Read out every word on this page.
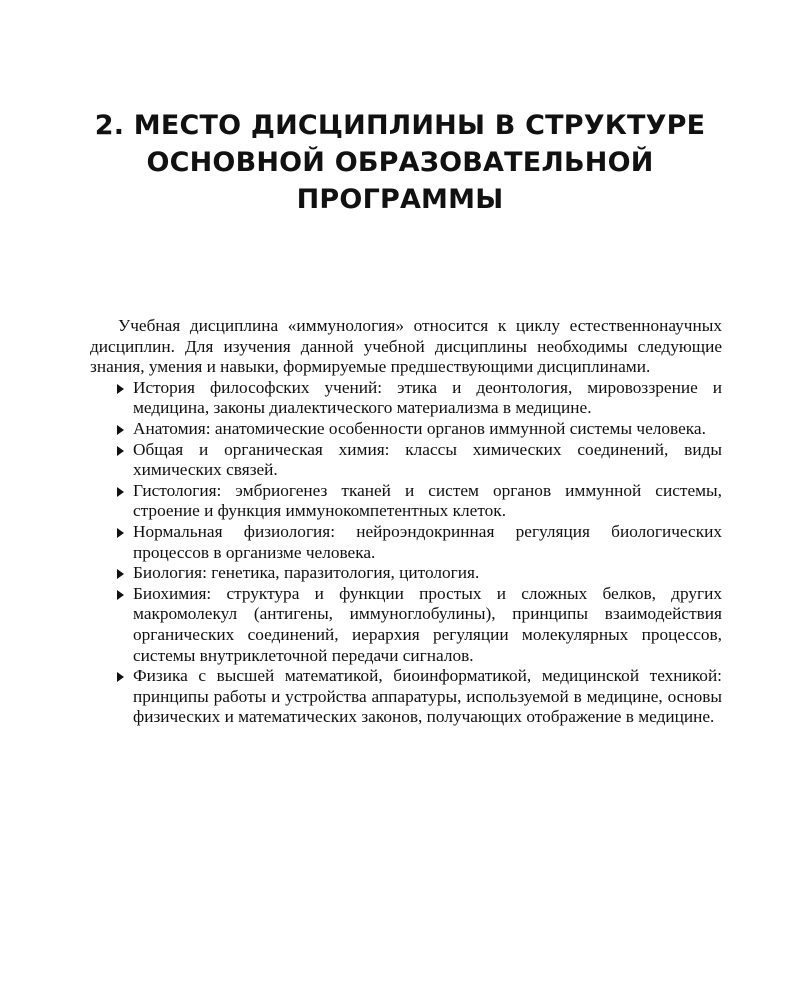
2. МЕСТО ДИСЦИПЛИНЫ В СТРУКТУРЕ
ОСНОВНОЙ ОБРАЗОВАТЕЛЬНОЙ
ПРОГРАММЫ

Учебная дисциплина «иммунология» относится к циклу естественнонаучных дисциплин. Для изучения данной учебной дисциплины необходимы следующие знания, умения и навыки, формируемые предшествующими дисциплинами.

История философских учений: этика и деонтология, мировоззрение и медицина, законы диалектического материализма в медицине.
Анатомия: анатомические особенности органов иммунной системы человека.
Общая и органическая химия: классы химических соединений, виды химических связей.
Гистология: эмбриогенез тканей и систем органов иммунной системы, строение и функция иммунокомпетентных клеток.
Нормальная физиология: нейроэндокринная регуляция биологических процессов в организме человека.
Биология: генетика, паразитология, цитология.
Биохимия: структура и функции простых и сложных белков, других макромолекул (антигены, иммуноглобулины), принципы взаимодействия органических соединений, иерархия регуляции молекулярных процессов, системы внутриклеточной передачи сигналов.
Физика с высшей математикой, биоинформатикой, медицинской техникой: принципы работы и устройства аппаратуры, используемой в медицине, основы физических и математических законов, получающих отображение в медицине.
